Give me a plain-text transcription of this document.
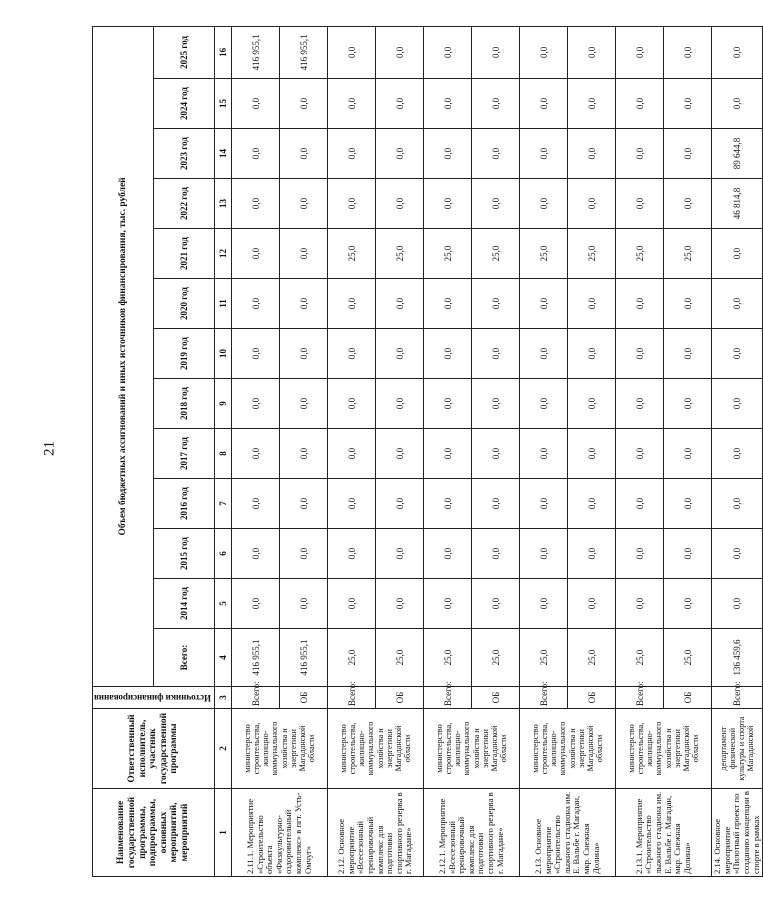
21
Наименование государственной программы, подпрограммы, основных мероприятий, мероприятий	Ответственный исполнитель, участник государственной программы	Источники финансирования	Объем бюджетных ассигнований и иных источников финансирования, тыс. рублей												
			Всего:	2014 год	2015 год	2016 год	2017 год	2018 год	2019 год	2020 год	2021 год	2022 год	2023 год	2024 год	2025 год
1	2	3	4	5	6	7	8	9	10	11	12	13	14	15	16
2.11.1. Мероприятие «Строительство объекта «Физкультурно-оздоровительный комплекс» в пгт. Усть-Омчуг»	министерство строительства, жилищно-коммунального хозяйства и энергетики Магаданской области	Всего:	416 955,1	0,0	0,0	0,0	0,0	0,0	0,0	0,0	0,0	0,0	0,0	0,0	416 955,1
		ОБ	416 955,1	0,0	0,0	0,0	0,0	0,0	0,0	0,0	0,0	0,0	0,0	0,0	416 955,1
2.12. Основное мероприятие «Всесезонный тренировочный комплекс для подготовки спортивного резерва в г. Магадане»	министерство строительства, жилищно-коммунального хозяйства и энергетики Магаданской области	Всего:	25,0	0,0	0,0	0,0	0,0	0,0	0,0	0,0	25,0	0,0	0,0	0,0	0,0
		ОБ	25,0	0,0	0,0	0,0	0,0	0,0	0,0	0,0	25,0	0,0	0,0	0,0	0,0
2.12.1. Мероприятие «Всесезонный тренировочный комплекс для подготовки спортивного резерва в г. Магадане»	министерство строительства, жилищно-коммунального хозяйства и энергетики Магаданской области	Всего:	25,0	0,0	0,0	0,0	0,0	0,0	0,0	0,0	25,0	0,0	0,0	0,0	0,0
		ОБ	25,0	0,0	0,0	0,0	0,0	0,0	0,0	0,0	25,0	0,0	0,0	0,0	0,0
2.13. Основное мероприятие «Строительство лыжного стадиона им. Е. Вальбе г. Магадан, мкр. Снежная Долина»	министерство строительства, жилищно-коммунального хозяйства и энергетики Магаданской области	Всего:	25,0	0,0	0,0	0,0	0,0	0,0	0,0	0,0	25,0	0,0	0,0	0,0	0,0
		ОБ	25,0	0,0	0,0	0,0	0,0	0,0	0,0	0,0	25,0	0,0	0,0	0,0	0,0
2.13.1. Мероприятие «Строительство лыжного стадиона им. Е. Вальбе г. Магадан, мкр. Снежная Долина»	министерство строительства, жилищно-коммунального хозяйства и энергетики Магаданской области	Всего:	25,0	0,0	0,0	0,0	0,0	0,0	0,0	0,0	25,0	0,0	0,0	0,0	0,0
		ОБ	25,0	0,0	0,0	0,0	0,0	0,0	0,0	0,0	25,0	0,0	0,0	0,0	0,0
2.14. Основное мероприятие «Пилотный проект по созданию концепции в спорте в рамках	департамент физической культуры и спорта Магаданской	Всего:	136 459,6	0,0	0,0	0,0	0,0	0,0	0,0	0,0	0,0	46 814,8	89 644,8	0,0	0,0
